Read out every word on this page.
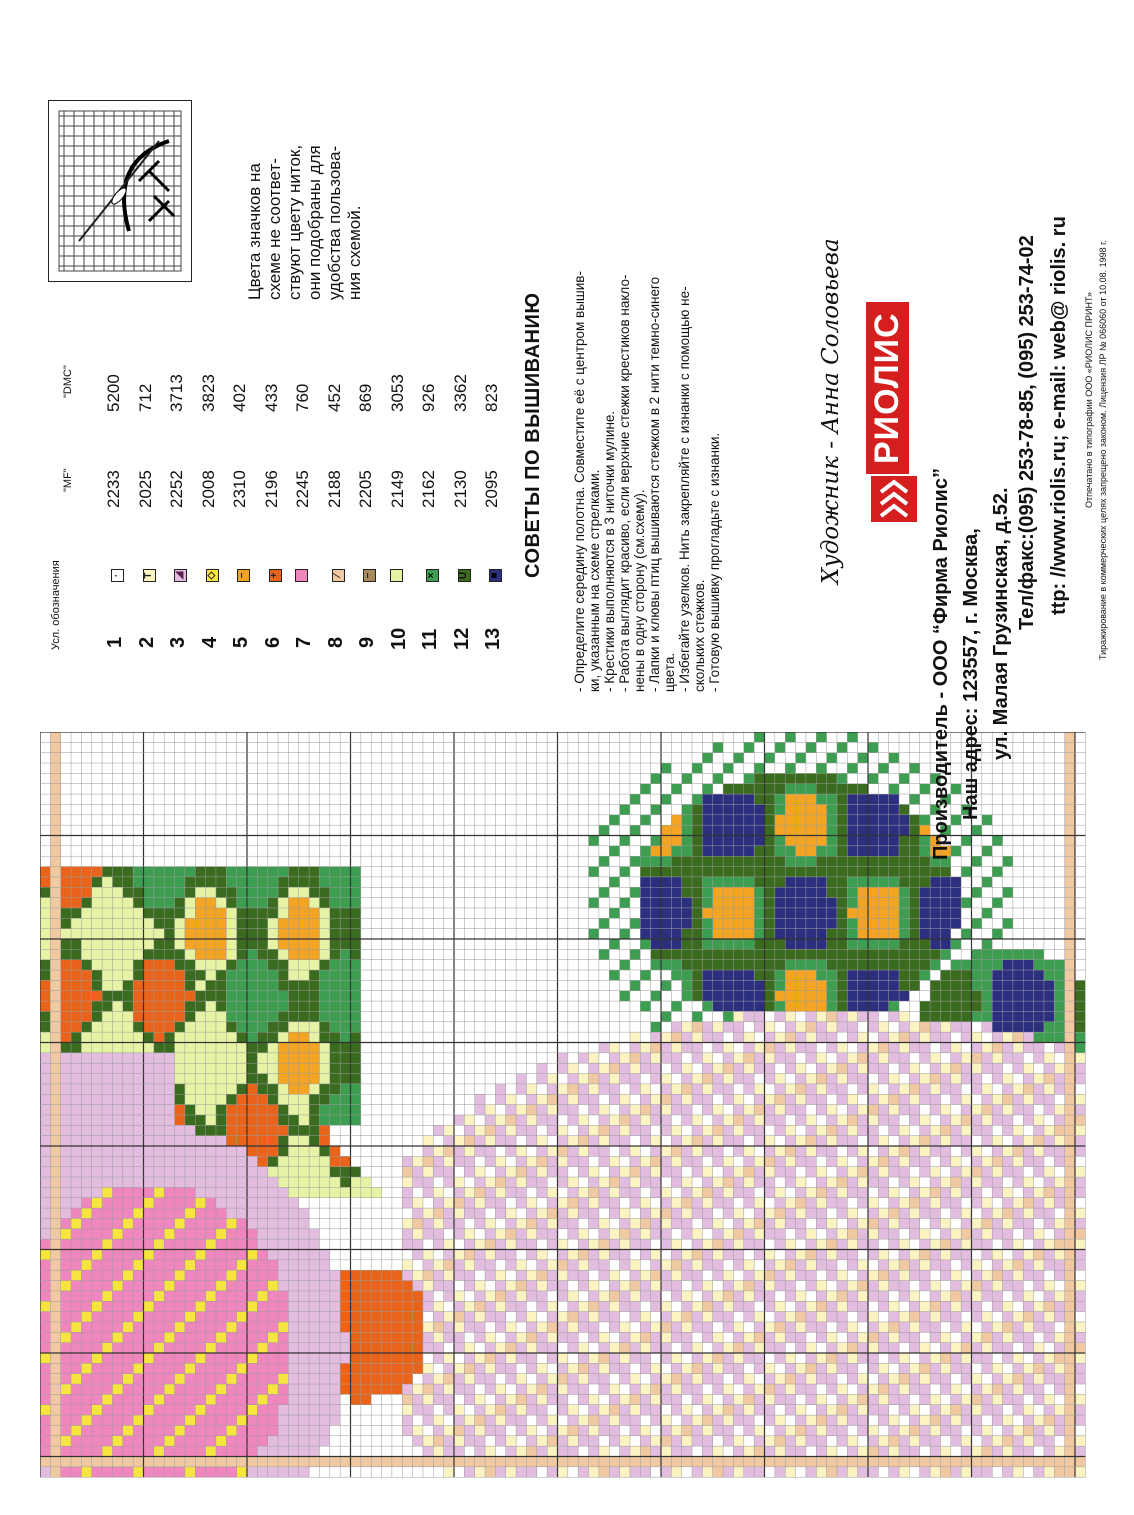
Усл. обозначения
"MF"
"DMC"
1
·
2233
5200
2
T
2025
712
3
◢
2252
3713
4
◇
2008
3823
5
−
2310
402
6
+
2196
433
7
2245
760
8
⁄
2188
452
9
−
2205
869
10
2149
3053
11
×
2162
926
12
U
2130
3362
13
■
2095
823
Цвета значков на схеме не соответ- ствуют цвету ниток, они подобраны для удобства пользова- ния схемой.
СОВЕТЫ ПО ВЫШИВАНИЮ - Определите середину полотна. Совместите её с центром вышив- ки, указанным на схеме стрелками. - Крестики выполняются в 3 ниточки мулине. - Работа выглядит красиво, если верхние стежки крестиков накло- нены в одну сторону (см.схему). - Лапки и клювы птиц вышиваются стежком в 2 нити темно-синего цвета. - Избегайте узелков. Нить закрепляйте с изнанки с помощью не- скольких стежков. - Готовую вышивку прогладьте с изнанки.	Художник - Анна Соловьева РИОЛИС
Производитель - ООО “Фирма Риолис” Наш адрес: 123557, г. Москва, ул. Малая Грузинская, д.52. Тел/факс:(095) 253-78-85, (095) 253-74-02 ttp: //www.riolis.ru; e-mail: web@ riolis. ru Отпечатано в типографии ООО «РИОЛИС ПРИНТ» Тиражирование в коммерческих целях запрещено законом. Лицензия ЛР № 066060 от 10.08. 1998 г.
